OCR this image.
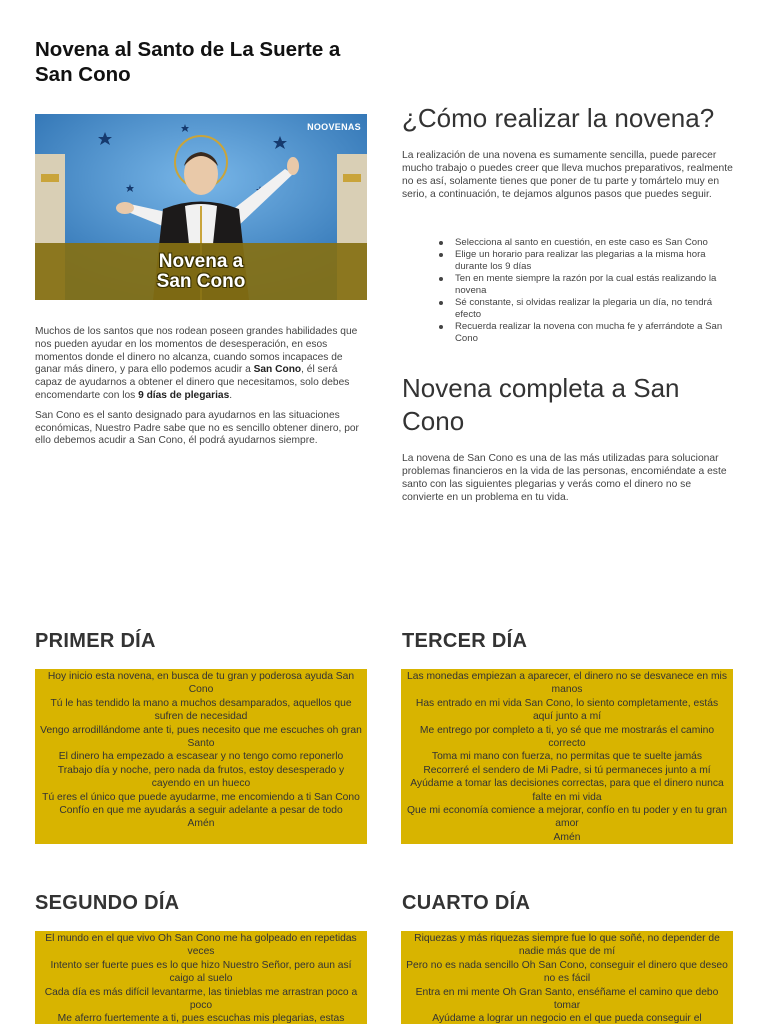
Novena al Santo de La Suerte a San Cono
NOOVENAS
Novena a
San Cono

Muchos de los santos que nos rodean poseen grandes habilidades que nos pueden ayudar en los momentos de desesperación, en esos momentos donde el dinero no alcanza, cuando somos incapaces de ganar más dinero, y para ello podemos acudir a San Cono, él será capaz de ayudarnos a obtener el dinero que necesitamos, solo debes encomendarte con los 9 días de plegarias.

San Cono es el santo designado para ayudarnos en las situaciones económicas, Nuestro Padre sabe que no es sencillo obtener dinero, por ello debemos acudir a San Cono, él podrá ayudarnos siempre.

¿Cómo realizar la novena?

La realización de una novena es sumamente sencilla, puede parecer mucho trabajo o puedes creer que lleva muchos preparativos, realmente no es así, solamente tienes que poner de tu parte y tomártelo muy en serio, a continuación, te dejamos algunos pasos que puedes seguir.

Selecciona al santo en cuestión, en este caso es San Cono
Elige un horario para realizar las plegarias a la misma hora durante los 9 días
Ten en mente siempre la razón por la cual estás realizando la novena
Sé constante, si olvidas realizar la plegaria un día, no tendrá efecto
Recuerda realizar la novena con mucha fe y aferrándote a San Cono
Novena completa a San Cono

La novena de San Cono es una de las más utilizadas para solucionar problemas financieros en la vida de las personas, encomiéndate a este santo con las siguientes plegarias y verás como el dinero no se convierte en un problema en tu vida.

PRIMER DÍA
Hoy inicio esta novena, en busca de tu gran y poderosa ayuda San Cono
Tú le has tendido la mano a muchos desamparados, aquellos que sufren de necesidad
Vengo arrodillándome ante ti, pues necesito que me escuches oh gran Santo
El dinero ha empezado a escasear y no tengo como reponerlo
Trabajo día y noche, pero nada da frutos, estoy desesperado y cayendo en un hueco
Tú eres el único que puede ayudarme, me encomiendo a ti San Cono
Confío en que me ayudarás a seguir adelante a pesar de todo
Amén
TERCER DÍA
Las monedas empiezan a aparecer, el dinero no se desvanece en mis manos
Has entrado en mi vida San Cono, lo siento completamente, estás aquí junto a mí
Me entrego por completo a ti, yo sé que me mostrarás el camino correcto
Toma mi mano con fuerza, no permitas que te suelte jamás
Recorreré el sendero de Mi Padre, si tú permaneces junto a mí
Ayúdame a tomar las decisiones correctas, para que el dinero nunca falte en mi vida
Que mi economía comience a mejorar, confío en tu poder y en tu gran amor
Amén
SEGUNDO DÍA
El mundo en el que vivo Oh San Cono me ha golpeado en repetidas veces
Intento ser fuerte pues es lo que hizo Nuestro Señor, pero aun así caigo al suelo
Cada día es más difícil levantarme, las tinieblas me arrastran poco a poco
Me aferro fuertemente a ti, pues escuchas mis plegarias, estas
CUARTO DÍA
Riquezas y más riquezas siempre fue lo que soñé, no depender de nadie más que de mí
Pero no es nada sencillo Oh San Cono, conseguir el dinero que deseo no es fácil
Entra en mi mente Oh Gran Santo, enséñame el camino que debo tomar
Ayúdame a lograr un negocio en el que pueda conseguir el
